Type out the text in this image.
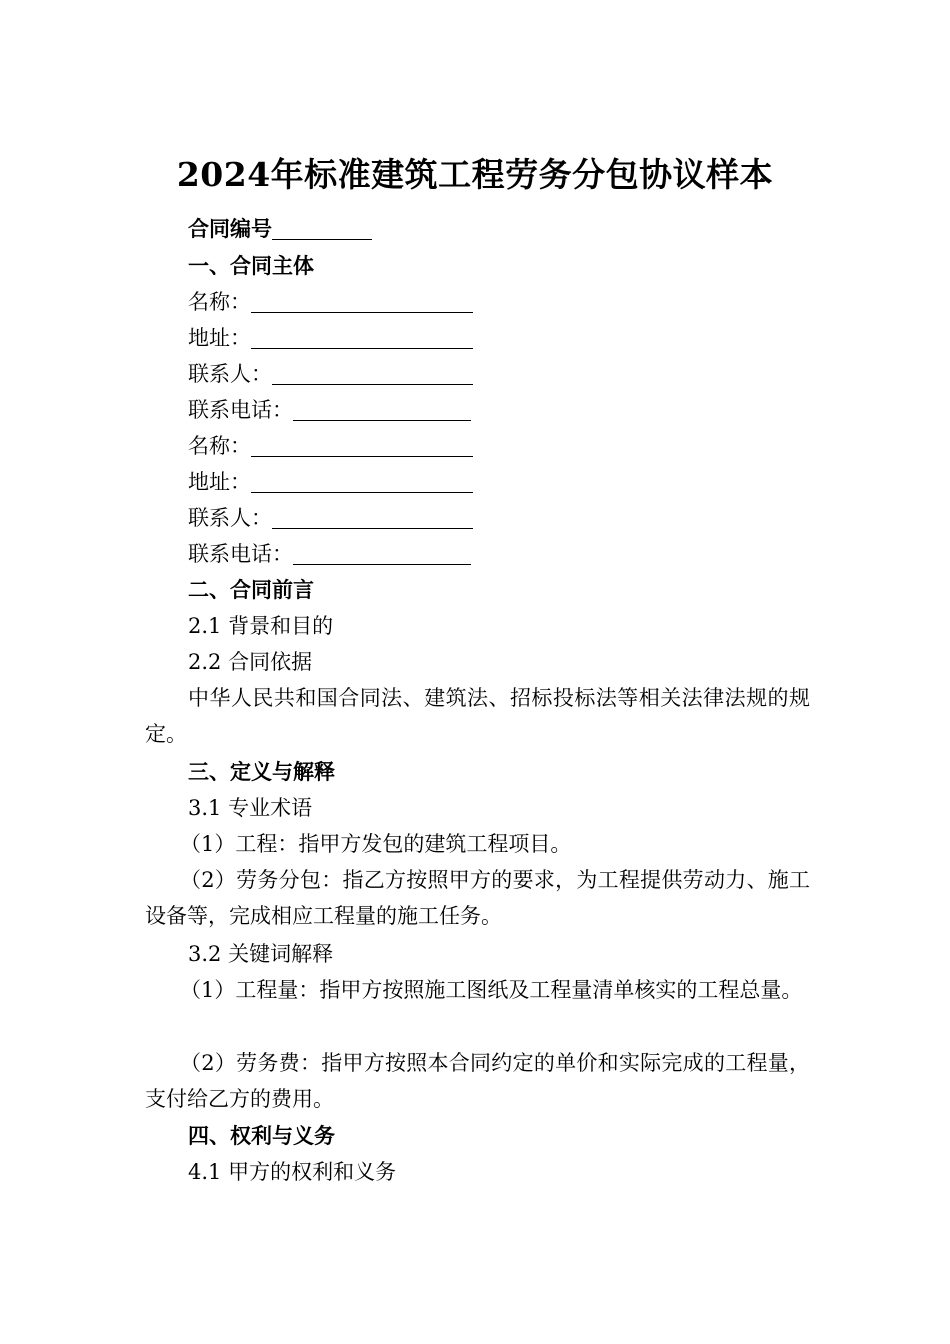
2024年标准建筑工程劳务分包协议样本
合同编号
一、合同主体
名称：
地址：
联系人：
联系电话：
名称：
地址：
联系人：
联系电话：
二、合同前言
2.1 背景和目的
2.2 合同依据
中华人民共和国合同法、建筑法、招标投标法等相关法律法规的规定。
三、定义与解释
3.1 专业术语
（1）工程：指甲方发包的建筑工程项目。
（2）劳务分包：指乙方按照甲方的要求，为工程提供劳动力、施工设备等，完成相应工程量的施工任务。
3.2 关键词解释
（1）工程量：指甲方按照施工图纸及工程量清单核实的工程总量。
（2）劳务费：指甲方按照本合同约定的单价和实际完成的工程量，支付给乙方的费用。
四、权利与义务
4.1 甲方的权利和义务
